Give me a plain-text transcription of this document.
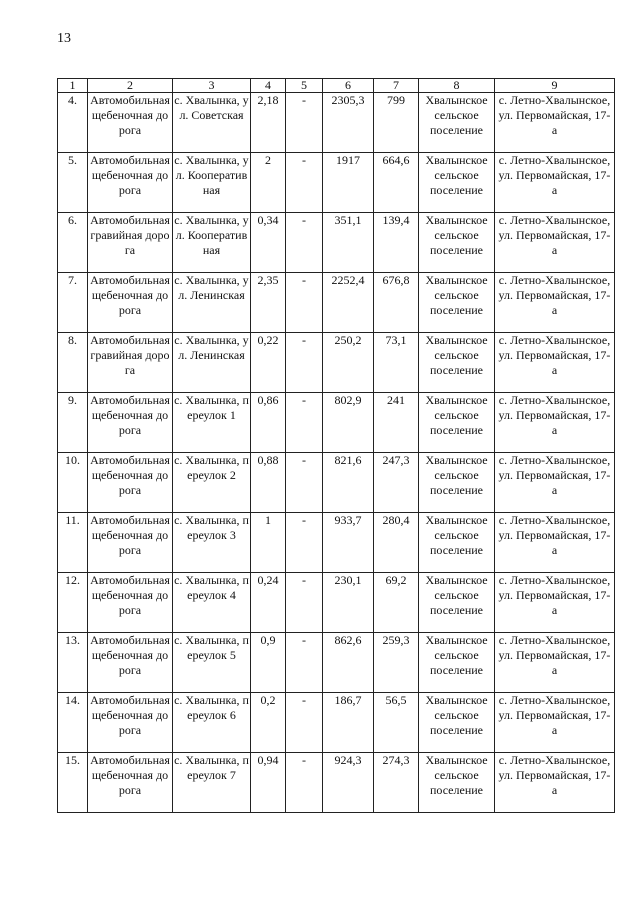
13
1	2	3	4	5	6	7	8	9
4.	Автомобильная щебеночная дорога	с. Хвалынка, ул. Советская	2,18	-	2305,3	799	Хвалынское сельское поселение	с. Летно-Хвалынское, ул. Первомайская, 17-а
5.	Автомобильная щебеночная дорога	с. Хвалынка, ул. Кооперативная	2	-	1917	664,6	Хвалынское сельское поселение	с. Летно-Хвалынское, ул. Первомайская, 17-а
6.	Автомобильная гравийная дорога	с. Хвалынка, ул. Кооперативная	0,34	-	351,1	139,4	Хвалынское сельское поселение	с. Летно-Хвалынское, ул. Первомайская, 17-а
7.	Автомобильная щебеночная дорога	с. Хвалынка, ул. Ленинская	2,35	-	2252,4	676,8	Хвалынское сельское поселение	с. Летно-Хвалынское, ул. Первомайская, 17-а
8.	Автомобильная гравийная дорога	с. Хвалынка, ул. Ленинская	0,22	-	250,2	73,1	Хвалынское сельское поселение	с. Летно-Хвалынское, ул. Первомайская, 17-а
9.	Автомобильная щебеночная дорога	с. Хвалынка, переулок 1	0,86	-	802,9	241	Хвалынское сельское поселение	с. Летно-Хвалынское, ул. Первомайская, 17-а
10.	Автомобильная щебеночная дорога	с. Хвалынка, переулок 2	0,88	-	821,6	247,3	Хвалынское сельское поселение	с. Летно-Хвалынское, ул. Первомайская, 17-а
11.	Автомобильная щебеночная дорога	с. Хвалынка, переулок 3	1	-	933,7	280,4	Хвалынское сельское поселение	с. Летно-Хвалынское, ул. Первомайская, 17-а
12.	Автомобильная щебеночная дорога	с. Хвалынка, переулок 4	0,24	-	230,1	69,2	Хвалынское сельское поселение	с. Летно-Хвалынское, ул. Первомайская, 17-а
13.	Автомобильная щебеночная дорога	с. Хвалынка, переулок 5	0,9	-	862,6	259,3	Хвалынское сельское поселение	с. Летно-Хвалынское, ул. Первомайская, 17-а
14.	Автомобильная щебеночная дорога	с. Хвалынка, переулок 6	0,2	-	186,7	56,5	Хвалынское сельское поселение	с. Летно-Хвалынское, ул. Первомайская, 17-а
15.	Автомобильная щебеночная дорога	с. Хвалынка, переулок 7	0,94	-	924,3	274,3	Хвалынское сельское поселение	с. Летно-Хвалынское, ул. Первомайская, 17-а
